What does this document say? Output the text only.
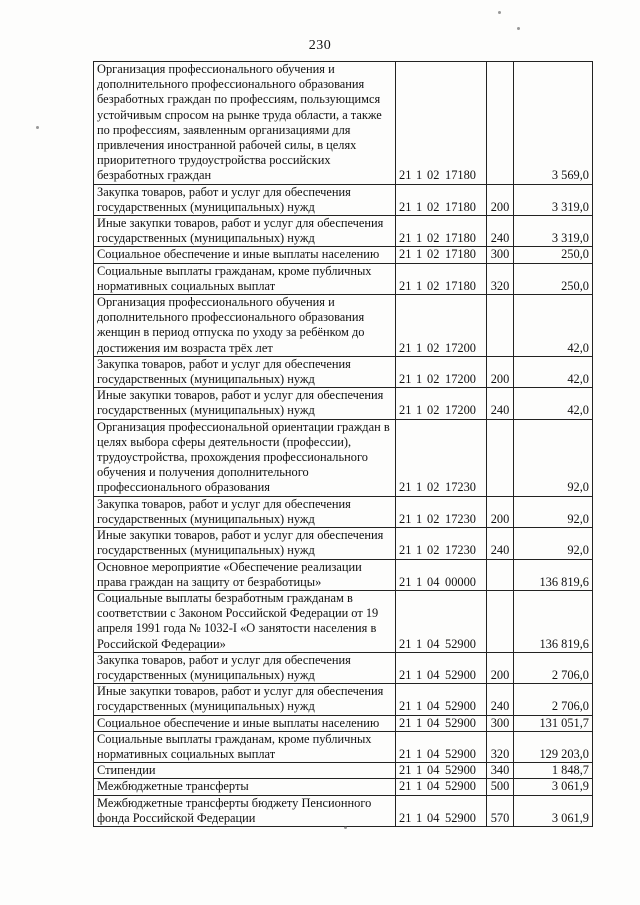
230
Организация профессионального обучения и дополнительного профессионального образования безработных граждан по профессиям, пользующимся устойчивым спросом на рынке труда области, а также по профессиям, заявленным организациями для привлечения иностранной рабочей силы, в целях приоритетного трудоустройства российских безработных граждан	21 1 02 17180		3 569,0
Закупка товаров, работ и услуг для обеспечения государственных (муниципальных) нужд	21 1 02 17180	200	3 319,0
Иные закупки товаров, работ и услуг для обеспечения государственных (муниципальных) нужд	21 1 02 17180	240	3 319,0
Социальное обеспечение и иные выплаты населению	21 1 02 17180	300	250,0
Социальные выплаты гражданам, кроме публичных нормативных социальных выплат	21 1 02 17180	320	250,0
Организация профессионального обучения и дополнительного профессионального образования женщин в период отпуска по уходу за ребёнком до достижения им возраста трёх лет	21 1 02 17200		42,0
Закупка товаров, работ и услуг для обеспечения государственных (муниципальных) нужд	21 1 02 17200	200	42,0
Иные закупки товаров, работ и услуг для обеспечения государственных (муниципальных) нужд	21 1 02 17200	240	42,0
Организация профессиональной ориентации граждан в целях выбора сферы деятельности (профессии), трудоустройства, прохождения профессионального обучения и получения дополнительного профессионального образования	21 1 02 17230		92,0
Закупка товаров, работ и услуг для обеспечения государственных (муниципальных) нужд	21 1 02 17230	200	92,0
Иные закупки товаров, работ и услуг для обеспечения государственных (муниципальных) нужд	21 1 02 17230	240	92,0
Основное мероприятие «Обеспечение реализации права граждан на защиту от безработицы»	21 1 04 00000		136 819,6
Социальные выплаты безработным гражданам в соответствии с Законом Российской Федерации от 19 апреля 1991 года № 1032-I «О занятости населения в Российской Федерации»	21 1 04 52900		136 819,6
Закупка товаров, работ и услуг для обеспечения государственных (муниципальных) нужд	21 1 04 52900	200	2 706,0
Иные закупки товаров, работ и услуг для обеспечения государственных (муниципальных) нужд	21 1 04 52900	240	2 706,0
Социальное обеспечение и иные выплаты населению	21 1 04 52900	300	131 051,7
Социальные выплаты гражданам, кроме публичных нормативных социальных выплат	21 1 04 52900	320	129 203,0
Стипендии	21 1 04 52900	340	1 848,7
Межбюджетные трансферты	21 1 04 52900	500	3 061,9
Межбюджетные трансферты бюджету Пенсионного фонда Российской Федерации	21 1 04 52900	570	3 061,9
